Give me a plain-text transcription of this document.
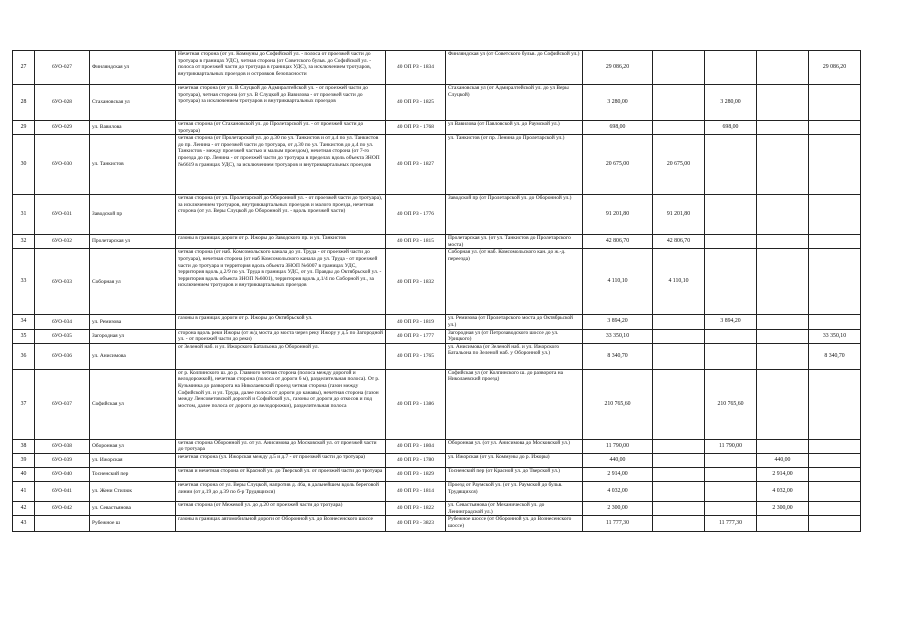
27	6УО-027	Финляндская ул	Нечетная сторона (от ул. Коммуны до Софийской ул. - полоса от проезжей части до тротуара в границах УДС), четная сторона (от Советского бульв. до Софийской ул. - полоса от проезжей части до тротуара в границах УДС), за исключением тротуаров, внутриквартальных проездов и островков безопасности	40 ОП РЗ - 1834	Финляндская ул (от Советского бульв. до Софийской ул.)	29 086,20				29 086,20
28	6УО-028	Стахановская ул	нечетная сторона (от ул. В Слуцкой до Адмиралтейской ул. - от проезжей части до тротуара), четная сторона (от ул. В Слуцкой до Вавилова - от проезжей части до тротуара) за исключением тротуаров и внутриквартальных проездов	40 ОП РЗ - 1825	Стахановская ул (от Адмиралтейской ул. до ул Веры Слуцкой)	3 280,00		3 280,00		
29	6УО-029	ул. Вавилова	четная сторона (от Стахановской ул. до Пролетарской ул. - от проезжей части до тротуара)	40 ОП РЗ - 1768	ул Вавилова (от Павловской ул. до Раумской ул.)	698,00		698,00		
30	6УО-030	ул. Танкистов	четная сторона (от Пролетарской ул. до д.30 по ул. Танкистов и от д.4 по ул. Танкистов до пр. Ленина - от проезжей части до тротуара, от д.30 по ул. Танкистов до д.4 по ул. Танкистов - между проезжей частью и малым проездом), нечетная сторона (от 7-го проезда до пр. Ленина - от проезжей части до тротуара в пределах вдоль объекта ЗНОП №6619 в границах УДС), за исключением тротуаров и внутриквартальных проездов	40 ОП РЗ - 1827	ул. Танкистов (от пр. Ленина до Пролетарской ул.)	20 675,00	20 675,00			
31	6УО-031	Заводской пр	четная сторона (от ул. Пролетарской до Оборонной ул. - от проезжей части до тротуара), за исключением тротуаров, внутриквартальных проездов и малого проезда, нечетная сторона (от ул. Веры Слуцкой до Оборонной ул. - вдоль проезжей части)	40 ОП РЗ - 1776	Заводской пр (от Пролетарской ул. до Оборонной ул.)	91 201,80	91 201,80			
32	6УО-032	Пролетарская ул	газоны в границах дороги от р. Ижоры до Заводского пр. и ул. Танкистов	40 ОП РЗ - 1815	Пролетарская ул. (от ул. Танкистов до Пролетарского моста)	42 806,70	42 806,70			
33	6УО-033	Соборная ул	четная сторона (от наб. Комсомольского канала до ул. Труда - от проезжей части до тротуара), нечетная сторона (от наб Комсомольского канала до ул. Труда - от проезжей части до тротуара и территория вдоль объекта ЗНОП №6007 в границах УДС, территория вдоль д.2/9 по ул. Труда в границах УДС, от ул. Правды до Октябрьской ул. - территория вдоль объекта ЗНОП №6001), территория вдоль д.1/4 по Соборной ул., за исключением тротуаров и внутриквартальных проездов	40 ОП РЗ - 1832	Соборная ул. (от наб. Комсомольского кан. до ж.-д. переезда)	4 110,10	4 110,10			
34	6УО-034	ул. Ремизова	газоны в границах дороги от р. Ижоры до Октябрьской ул.	40 ОП РЗ - 1819	ул. Ремизова (от Пролетарского моста до Октябрьской ул.)	3 894,20		3 894,20		
35	6УО-035	Загородная ул	сторона вдоль реки Ижоры (от ж/д моста до моста через реку Ижору у д.5 по Загородной ул. - от проезжей части до реки)	40 ОП РЗ - 1777	Загородная ул (от Петрозаводского шоссе до ул. Урицкого)	33 350,10				33 350,10
36	6УО-036	ул. Анисимова	от Зеленой наб. и ул. Ижорского Батальона до Оборонной ул.	40 ОП РЗ - 1765	ул. Анисимова (от Зеленой наб. и ул. Ижорского Батальона по Зеленой наб. у Оборонной ул.)	8 340,70				8 340,70
37	6УО-037	Софийская ул	от р. Колпинского ш. до р. Главного четная сторона (полоса между дорогой и велодорожкой), нечетная сторона (полоса от дороги 6 м), разделительная полоса). От р. Кузьминка до разворота на Николаевский проезд четная сторона (газон между Софийской ул. и ул. Труда, далее полоса от дороги до канавы), нечетная сторона (газон между Ленсоветовской дорогой и Софийской ул., газоны от дороги до откосов и под мостом, далее полоса от дороги до велодорожки), разделительная полоса	40 ОП РЗ - 1386	Софийская ул (от Колпинского ш. до разворота на Николаевский проезд)	210 765,60		210 765,60		
38	6УО-038	Оборонная ул	четная сторона Оборонной ул. от ул. Анисимова до Московской ул. от проезжей части до тротуара	40 ОП РЗ - 1804	Оборонная ул. (от ул. Анисимова до Московской ул.)	11 790,00		11 790,00		
39	6УО-039	ул. Ижорская	нечетная сторона (ул. Ижорская между д.5 и д.7 - от проезжей части до тротуара)	40 ОП РЗ - 1780	ул. Ижорская (от ул. Коммуны до р. Ижоры)	440,00			440,00	
40	6УО-040	Тосненский пер	четная и нечетная сторона от Красной ул. до Тверской ул. от проезжей части до тротуара	40 ОП РЗ - 1829	Тосненский пер (от Красной ул. до Тверской ул.)	2 914,00			2 914,00	
41	6УО-041	ул. Жени Стилюк	нечетная сторона от ул. Веры Слуцкой, напротив д. 46а, в дальнейшем вдоль береговой линии (от д.19 до д.39 по б-р Трудящихся)	40 ОП РЗ - 1814	Проезд от Раумской ул. (от ул. Раумской до бульв. Трудящихся)	4 032,00			4 032,00	
42	6УО-042	ул. Севастьянова	четная сторона (от Межевой ул. до д.20 от проезжей части до тротуара)	40 ОП РЗ - 1822	ул. Севастьянова (от Механической ул. до Ленинградской ул.)	2 300,00			2 300,00	
43		Рубежное ш	газоны в границах автомобильной дороги от Оборонной ул. до Вознесенского шоссе	40 ОП РЗ - 3823	Рубежное шоссе (от Оборонной ул. до Вознесенского шоссе)	11 777,30		11 777,30		
